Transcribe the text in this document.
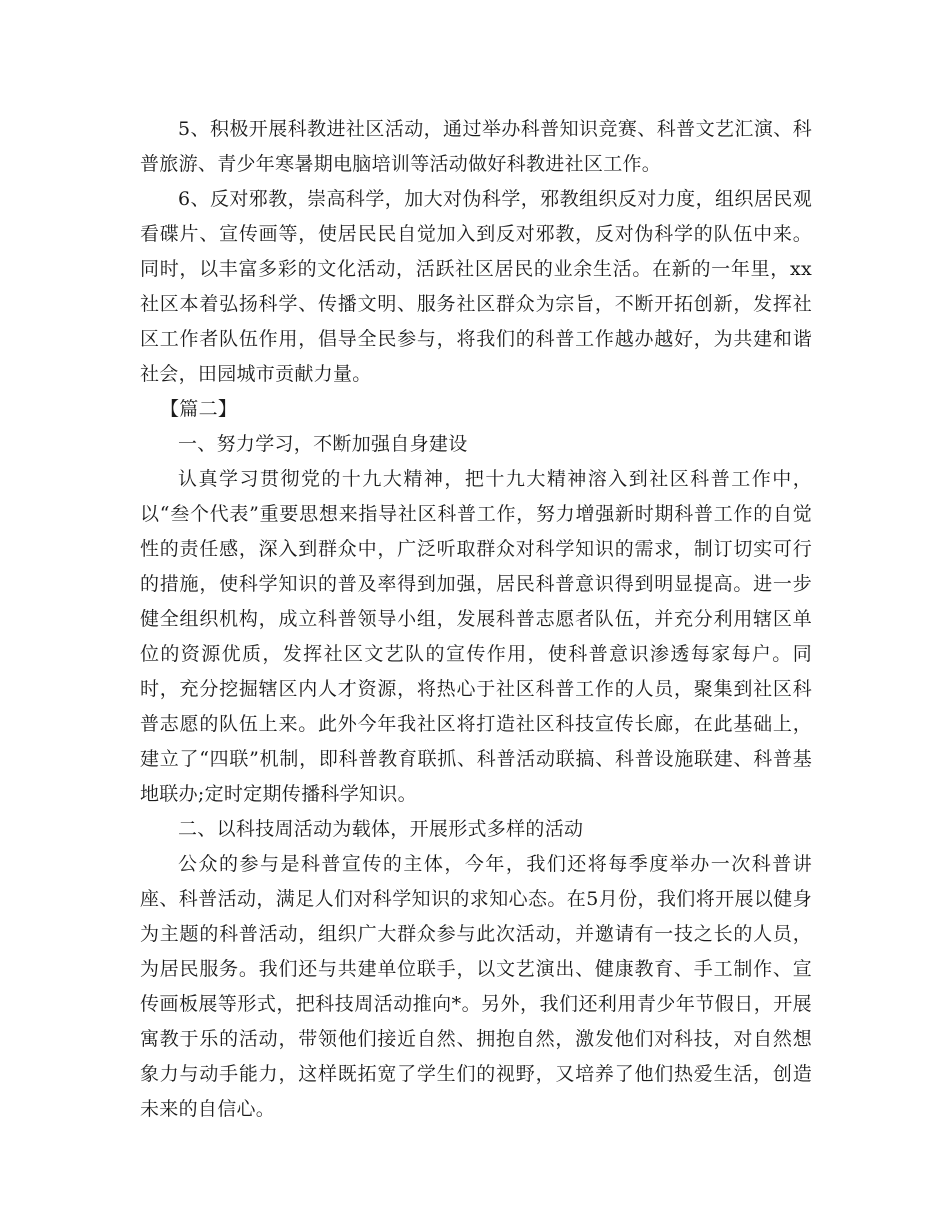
5、积极开展科教进社区活动，通过举办科普知识竞赛、科普文艺汇演、科普旅游、青少年寒暑期电脑培训等活动做好科教进社区工作。

6、反对邪教，崇高科学，加大对伪科学，邪教组织反对力度，组织居民观看碟片、宣传画等，使居民民自觉加入到反对邪教，反对伪科学的队伍中来。同时，以丰富多彩的文化活动，活跃社区居民的业余生活。在新的一年里，xx社区本着弘扬科学、传播文明、服务社区群众为宗旨，不断开拓创新，发挥社区工作者队伍作用，倡导全民参与，将我们的科普工作越办越好，为共建和谐社会，田园城市贡献力量。

【篇二】

一、努力学习，不断加强自身建设

认真学习贯彻党的十九大精神，把十九大精神溶入到社区科普工作中，以“叁个代表”重要思想来指导社区科普工作，努力增强新时期科普工作的自觉性的责任感，深入到群众中，广泛听取群众对科学知识的需求，制订切实可行的措施，使科学知识的普及率得到加强，居民科普意识得到明显提高。进一步健全组织机构，成立科普领导小组，发展科普志愿者队伍，并充分利用辖区单位的资源优质，发挥社区文艺队的宣传作用，使科普意识渗透每家每户。同时，充分挖掘辖区内人才资源，将热心于社区科普工作的人员，聚集到社区科普志愿的队伍上来。此外今年我社区将打造社区科技宣传长廊，在此基础上，建立了“四联”机制，即科普教育联抓、科普活动联搞、科普设施联建、科普基地联办;定时定期传播科学知识。

二、以科技周活动为载体，开展形式多样的活动

公众的参与是科普宣传的主体，今年，我们还将每季度举办一次科普讲座、科普活动，满足人们对科学知识的求知心态。在5月份，我们将开展以健身为主题的科普活动，组织广大群众参与此次活动，并邀请有一技之长的人员，为居民服务。我们还与共建单位联手，以文艺演出、健康教育、手工制作、宣传画板展等形式，把科技周活动推向*。另外，我们还利用青少年节假日，开展寓教于乐的活动，带领他们接近自然、拥抱自然，激发他们对科技，对自然想象力与动手能力，这样既拓宽了学生们的视野，又培养了他们热爱生活，创造未来的自信心。
